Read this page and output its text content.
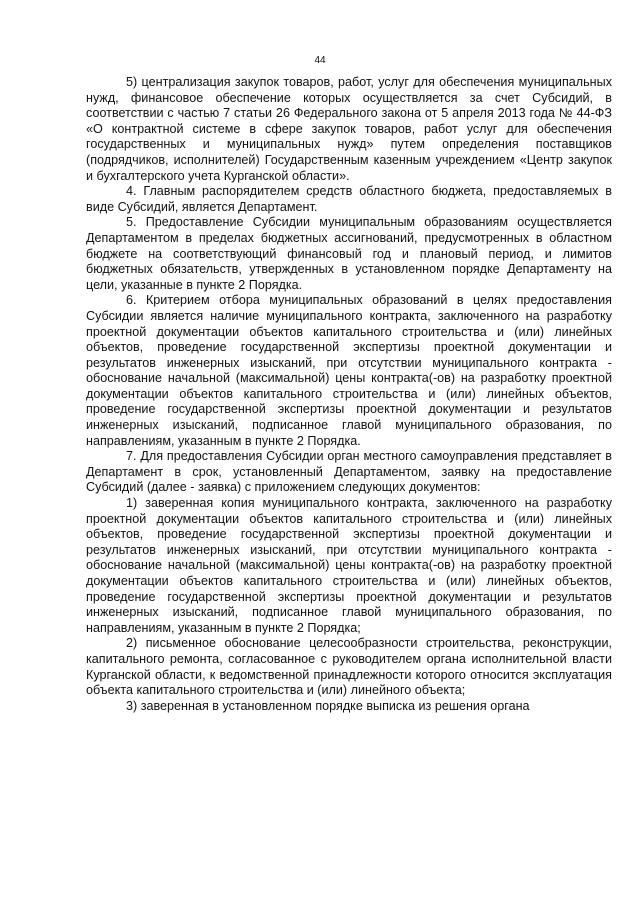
44

5) централизация закупок товаров, работ, услуг для обеспечения муниципальных нужд, финансовое обеспечение которых осуществляется за счет Субсидий, в соответствии с частью 7 статьи 26 Федерального закона от 5 апреля 2013 года № 44-ФЗ «О контрактной системе в сфере закупок товаров, работ услуг для обеспечения государственных и муниципальных нужд» путем определения поставщиков (подрядчиков, исполнителей) Государственным казенным учреждением «Центр закупок и бухгалтерского учета Курганской области».

4. Главным распорядителем средств областного бюджета, предоставляемых в виде Субсидий, является Департамент.

5. Предоставление Субсидии муниципальным образованиям осуществляется Департаментом в пределах бюджетных ассигнований, предусмотренных в областном бюджете на соответствующий финансовый год и плановый период, и лимитов бюджетных обязательств, утвержденных в установленном порядке Департаменту на цели, указанные в пункте 2 Порядка.

6. Критерием отбора муниципальных образований в целях предоставления Субсидии является наличие муниципального контракта, заключенного на разработку проектной документации объектов капитального строительства и (или) линейных объектов, проведение государственной экспертизы проектной документации и результатов инженерных изысканий, при отсутствии муниципального контракта - обоснование начальной (максимальной) цены контракта(-ов) на разработку проектной документации объектов капитального строительства и (или) линейных объектов, проведение государственной экспертизы проектной документации и результатов инженерных изысканий, подписанное главой муниципального образования, по направлениям, указанным в пункте 2 Порядка.

7. Для предоставления Субсидии орган местного самоуправления представляет в Департамент в срок, установленный Департаментом, заявку на предоставление Субсидий (далее - заявка) с приложением следующих документов:

1) заверенная копия муниципального контракта, заключенного на разработку проектной документации объектов капитального строительства и (или) линейных объектов, проведение государственной экспертизы проектной документации и результатов инженерных изысканий, при отсутствии муниципального контракта - обоснование начальной (максимальной) цены контракта(-ов) на разработку проектной документации объектов капитального строительства и (или) линейных объектов, проведение государственной экспертизы проектной документации и результатов инженерных изысканий, подписанное главой муниципального образования, по направлениям, указанным в пункте 2 Порядка;

2) письменное обоснование целесообразности строительства, реконструкции, капитального ремонта, согласованное с руководителем органа исполнительной власти Курганской области, к ведомственной принадлежности которого относится эксплуатация объекта капитального строительства и (или) линейного объекта;

3) заверенная в установленном порядке выписка из решения органа
